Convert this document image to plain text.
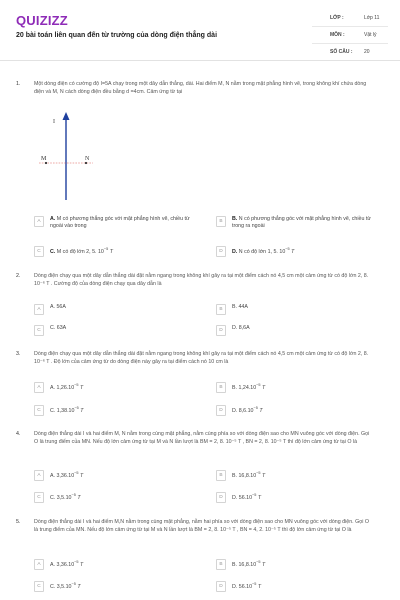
QUIZIZZ
20 bài toán liên quan đến từ trường của dòng điện thẳng dài
LỚP :	Lớp 11
MÔN :	Vật lý
SỐ CÂU : 20
1.	Một dòng điện có cường độ I=5A chạy trong một dây dẫn thẳng, dài. Hai điểm M, N nằm trong mặt phẳng hình vẽ, trong không khí chứa dòng điện và M, N cách dòng điện đều bằng d =4cm. Cảm ứng từ tại
I
M	N
A	A. M có phương thẳng góc với mặt phẳng hình vẽ, chiều từ ngoài vào trong
B	B. N có phương thẳng góc với mặt phẳng hình vẽ, chiều từ trong ra ngoài
C	C. M có độ lớn 2, 5. $10^{-5}$ T	D	D. N có độ lớn 1, 5. $10^{-5}$ T
2.	Dòng điện chạy qua một dây dẫn thẳng dài đặt nằm ngang trong không khí gây ra tại một điểm cách nó 4,5 cm một cảm ứng từ có độ lớn 2, 8. 10⁻⁶ T . Cường độ của dòng điện chạy qua dây dẫn là
A	A. 56A	B	B. 44A
C	C. 63A	D	D. 8,6A
3.	Dòng điện chạy qua một dây dẫn thẳng dài đặt nằm ngang trong không khí gây ra tại một điểm cách nó 4,5 cm một cảm ứng từ có độ lớn 2, 8. 10⁻⁶ T . Độ lớn của cảm ứng từ do dòng điện này gây ra tại điểm cách nó 10 cm là
A	A. $1,26.10^{-5}$ T	B	B. $1,24.10^{-5}$ T
C	C. $1,38.10^{-5}$ T	D	D. $8,6.10^{-5}$ T
4.	Dòng điện thẳng dài I và hai điểm M, N nằm trong cùng mặt phẳng, nằm cùng phía so với dòng điện sao cho MN vuông góc với dòng điện. Gọi O là trung điểm của MN. Nếu độ lớn cảm ứng từ tại M và N lần lượt là BM = 2, 8. 10⁻⁵ T , BN = 2, 8. 10⁻⁵ T thì độ lớn cảm ứng từ tại O là
A	A. $3,36.10^{-5}$ T	B	B. $16,8.10^{-5}$ T
C	C. $3,5.10^{-5}$ T	D	D. $56.10^{-5}$ T
5.	Dòng điện thẳng dài I và hai điểm M,N nằm trong cùng mặt phẳng, nằm hai phía so với dòng điện sao cho MN vuông góc với dòng điện. Gọi O là trung điểm của MN. Nếu độ lớn cảm ứng từ tại M và N lần lượt là BM = 2, 8. 10⁻⁵ T , BN = 4, 2. 10⁻⁵ T thì độ lớn cảm ứng từ tại O là
A	A. $3,36.10^{-5}$ T	B	B. $16,8.10^{-5}$ T
C	C. $3,5.10^{-5}$ T	D	D. $56.10^{-5}$ T
